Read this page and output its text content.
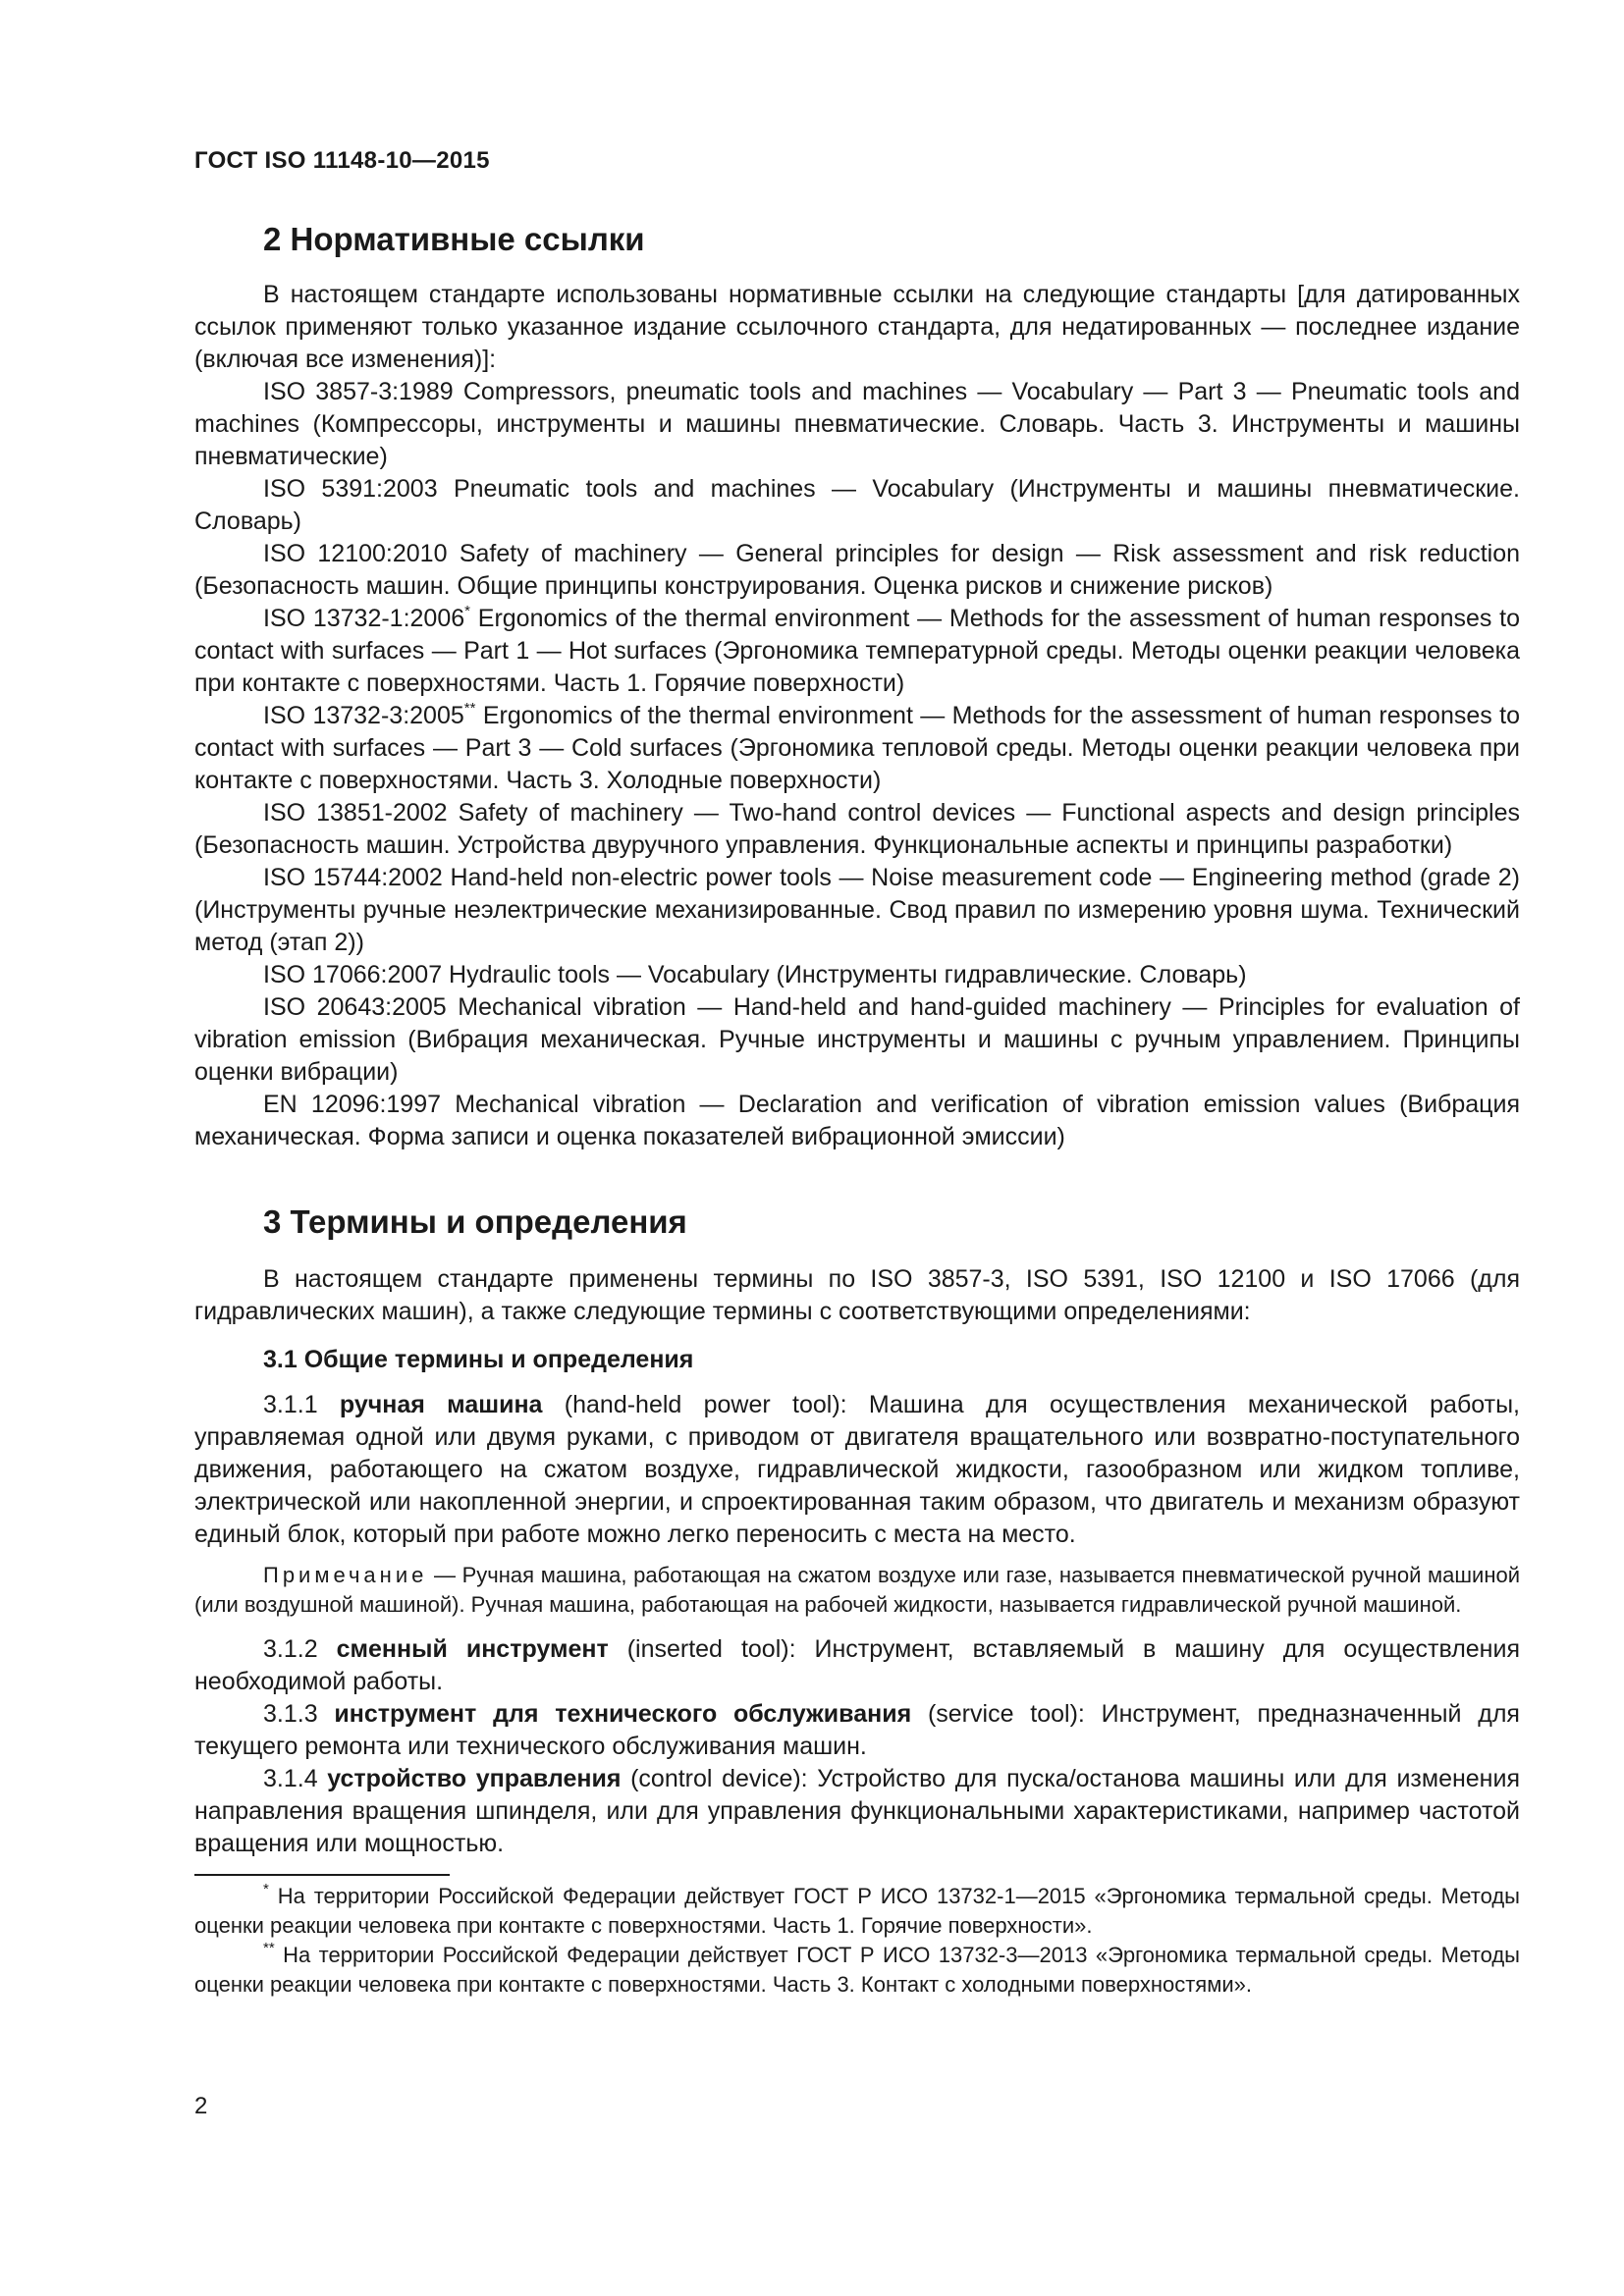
ГОСТ ISO 11148-10—2015
2 Нормативные ссылки

В настоящем стандарте использованы нормативные ссылки на следующие стандарты [для датированных ссылок применяют только указанное издание ссылочного стандарта, для недатированных — последнее издание (включая все изменения)]:

ISO 3857-3:1989 Compressors, pneumatic tools and machines — Vocabulary — Part 3 — Pneumatic tools and machines (Компрессоры, инструменты и машины пневматические. Словарь. Часть 3. Инструменты и машины пневматические)

ISO 5391:2003 Pneumatic tools and machines — Vocabulary (Инструменты и машины пневматические. Словарь)

ISO 12100:2010 Safety of machinery — General principles for design — Risk assessment and risk reduction (Безопасность машин. Общие принципы конструирования. Оценка рисков и снижение рисков)

ISO 13732-1:2006* Ergonomics of the thermal environment — Methods for the assessment of human responses to contact with surfaces — Part 1 — Hot surfaces (Эргономика температурной среды. Методы оценки реакции человека при контакте с поверхностями. Часть 1. Горячие поверхности)

ISO 13732-3:2005** Ergonomics of the thermal environment — Methods for the assessment of human responses to contact with surfaces — Part 3 — Cold surfaces (Эргономика тепловой среды. Методы оценки реакции человека при контакте с поверхностями. Часть 3. Холодные поверхности)

ISO 13851-2002 Safety of machinery — Two-hand control devices — Functional aspects and design principles (Безопасность машин. Устройства двуручного управления. Функциональные аспекты и принципы разработки)

ISO 15744:2002 Hand-held non-electric power tools — Noise measurement code — Engineering method (grade 2) (Инструменты ручные неэлектрические механизированные. Свод правил по измерению уровня шума. Технический метод (этап 2))

ISO 17066:2007 Hydraulic tools — Vocabulary (Инструменты гидравлические. Словарь)

ISO 20643:2005 Mechanical vibration — Hand-held and hand-guided machinery — Principles for evaluation of vibration emission (Вибрация механическая. Ручные инструменты и машины с ручным управлением. Принципы оценки вибрации)

EN 12096:1997 Mechanical vibration — Declaration and verification of vibration emission values (Вибрация механическая. Форма записи и оценка показателей вибрационной эмиссии)

3 Термины и определения

В настоящем стандарте применены термины по ISO 3857-3, ISO 5391, ISO 12100 и ISO 17066 (для гидравлических машин), а также следующие термины с соответствующими определениями:

3.1 Общие термины и определения

3.1.1 ручная машина (hand-held power tool): Машина для осуществления механической работы, управляемая одной или двумя руками, с приводом от двигателя вращательного или возвратно-поступательного движения, работающего на сжатом воздухе, гидравлической жидкости, газообразном или жидком топливе, электрической или накопленной энергии, и спроектированная таким образом, что двигатель и механизм образуют единый блок, который при работе можно легко переносить с места на место.

Примечание — Ручная машина, работающая на сжатом воздухе или газе, называется пневматической ручной машиной (или воздушной машиной). Ручная машина, работающая на рабочей жидкости, называется гидравлической ручной машиной.

3.1.2 сменный инструмент (inserted tool): Инструмент, вставляемый в машину для осуществления необходимой работы.

3.1.3 инструмент для технического обслуживания (service tool): Инструмент, предназначенный для текущего ремонта или технического обслуживания машин.

3.1.4 устройство управления (control device): Устройство для пуска/останова машины или для изменения направления вращения шпинделя, или для управления функциональными характеристиками, например частотой вращения или мощностью.

* На территории Российской Федерации действует ГОСТ Р ИСО 13732-1—2015 «Эргономика термальной среды. Методы оценки реакции человека при контакте с поверхностями. Часть 1. Горячие поверхности».

** На территории Российской Федерации действует ГОСТ Р ИСО 13732-3—2013 «Эргономика термальной среды. Методы оценки реакции человека при контакте с поверхностями. Часть 3. Контакт с холодными поверхностями».

2
